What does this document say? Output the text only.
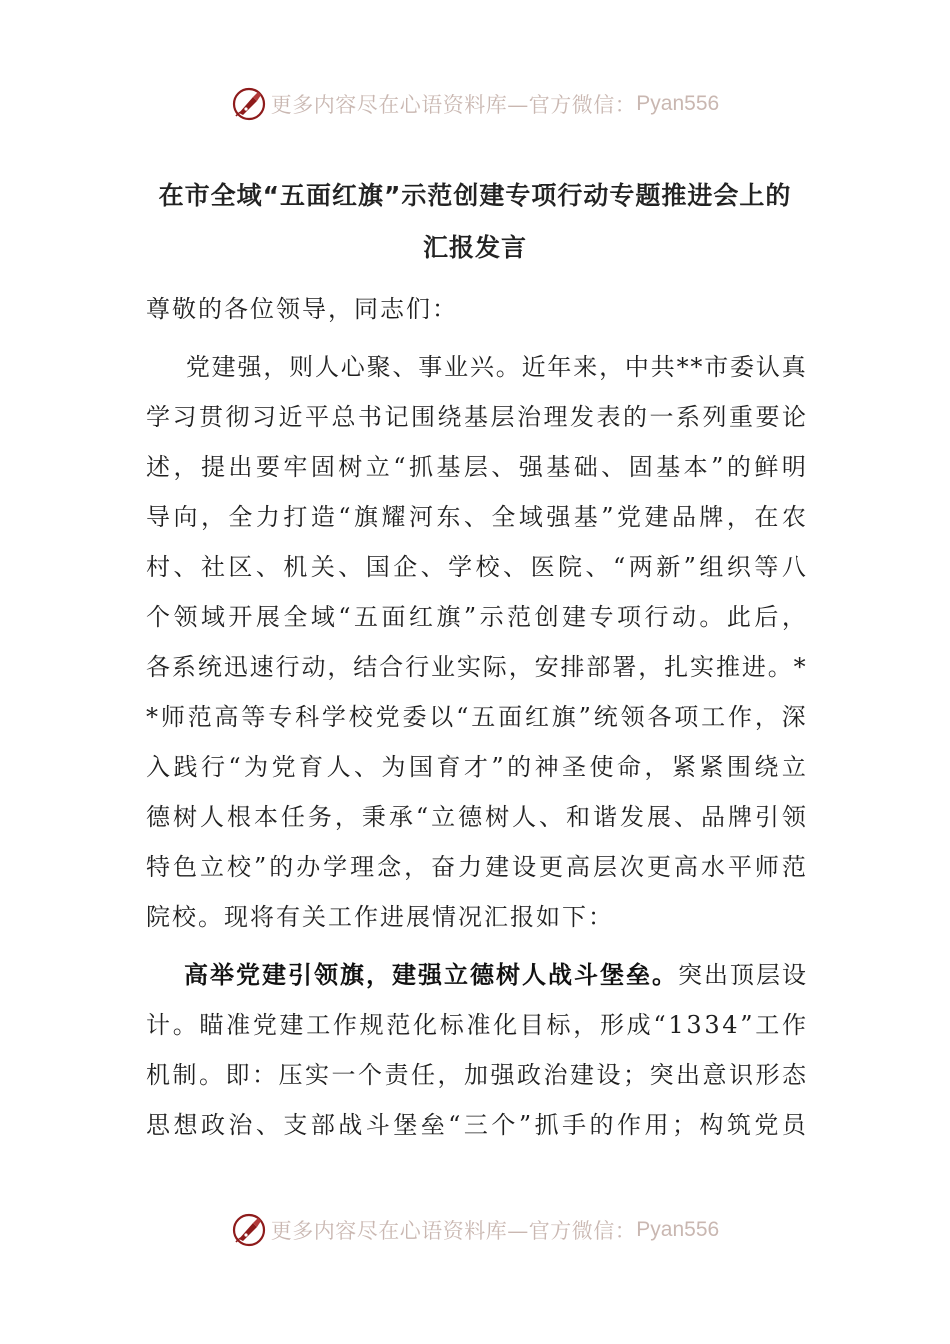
更多内容尽在心语资料库—官方微信： Pyan556
在市全域“五面红旗”示范创建专项行动专题推进会上的
汇报发言
尊敬的各位领导，同志们：

党 建 强 ， 则 人 心 聚 、 事 业 兴 。 近 年 来 ， 中 共 * * 市 委 认 真
学 习 贯 彻 习 近 平 总 书 记 围 绕 基 层 治 理 发 表 的 一 系 列 重 要 论
述 ， 提 出 要 牢 固 树 立 “ 抓 基 层 、 强 基 础 、 固 基 本 ” 的 鲜 明
导 向 ， 全 力 打 造 “ 旗 耀 河 东 、 全 域 强 基 ” 党 建 品 牌 ， 在 农
村 、 社 区 、 机 关 、 国 企 、 学 校 、 医 院 、 “ 两 新 ” 组 织 等 八
个 领 域 开 展 全 域 “ 五 面 红 旗 ” 示 范 创 建 专 项 行 动 。 此 后 ，
各 系 统 迅 速 行 动 ， 结 合 行 业 实 际 ， 安 排 部 署 ， 扎 实 推 进 。 *
* 师 范 高 等 专 科 学 校 党 委 以 “ 五 面 红 旗 ” 统 领 各 项 工 作 ， 深
入 践 行 “ 为 党 育 人 、 为 国 育 才 ” 的 神 圣 使 命 ， 紧 紧 围 绕 立
德 树 人 根 本 任 务 ， 秉 承 “ 立 德 树 人 、 和 谐 发 展 、 品 牌 引 领
特 色 立 校 ” 的 办 学 理 念 ， 奋 力 建 设 更 高 层 次 更 高 水 平 师 范
院校。现将有关工作进展情况汇报如下：
高 举 党 建 引 领 旗 ， 建 强 立 德 树 人 战 斗 堡 垒 。 突 出 顶 层 设
计 。 瞄 准 党 建 工 作 规 范 化 标 准 化 目 标 ， 形 成 “ 1 3 3 4 ” 工 作
机 制 。 即 ： 压 实 一 个 责 任 ， 加 强 政 治 建 设 ； 突 出 意 识 形 态
思 想 政 治 、 支 部 战 斗 堡 垒 “ 三 个 ” 抓 手 的 作 用 ； 构 筑 党 员
更多内容尽在心语资料库—官方微信： Pyan556
